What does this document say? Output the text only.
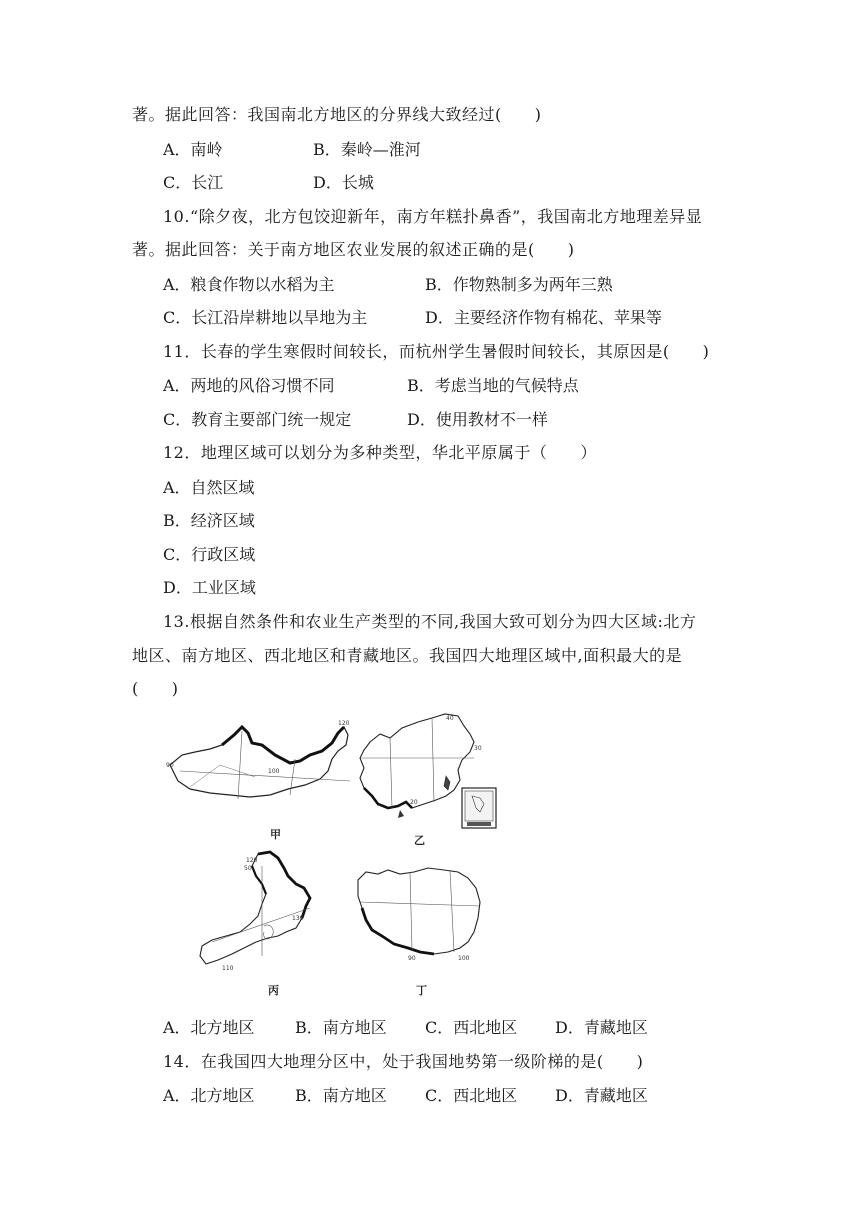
著。据此回答：我国南北方地区的分界线大致经过(　　)
A．南岭	B．秦岭—淮河
C．长江	D．长城
10.“除夕夜，北方包饺迎新年，南方年糕扑鼻香”，我国南北方地理差异显
著。据此回答：关于南方地区农业发展的叙述正确的是(　　)
A．粮食作物以水稻为主	B．作物熟制多为两年三熟
C．长江沿岸耕地以旱地为主	D．主要经济作物有棉花、苹果等
11．长春的学生寒假时间较长，而杭州学生暑假时间较长，其原因是(　　)
A．两地的风俗习惯不同	B．考虑当地的气候特点
C．教育主要部门统一规定	D．使用教材不一样
12．地理区域可以划分为多种类型，华北平原属于（　　）
A．自然区域
B．经济区域
C．行政区域
D．工业区域
13.根据自然条件和农业生产类型的不同,我国大致可划分为四大区域:北方
地区、南方地区、西北地区和青藏地区。我国四大地理区域中,面积最大的是
(　　)
90
100
120
甲
30
20
40
乙
120
50
130
110
丙
90	100
丁
A．北方地区	B．南方地区 C．西北地区 D．青藏地区
14．在我国四大地理分区中，处于我国地势第一级阶梯的是(　　)
A．北方地区	B．南方地区 C．西北地区 D．青藏地区
